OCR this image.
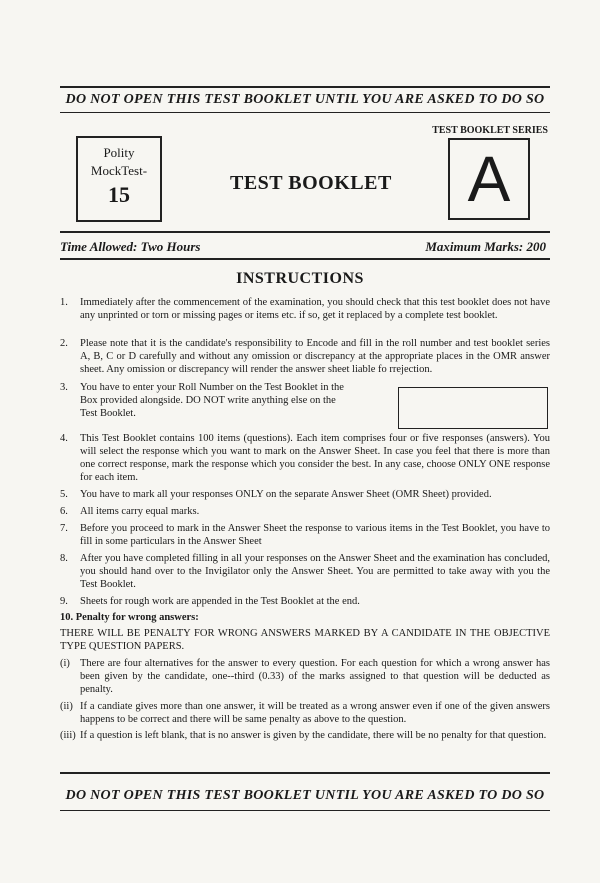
DO NOT OPEN THIS TEST BOOKLET UNTIL YOU ARE ASKED TO DO SO
TEST BOOKLET SERIES
Polity
MockTest-
15	TEST BOOKLET	A
Time Allowed: Two Hours	Maximum Marks: 200
INSTRUCTIONS
1. Immediately after the commencement of the examination, you should check that this test booklet does not have any unprinted or torn or missing pages or items etc. if so, get it replaced by a complete test booklet.
2. Please note that it is the candidate's responsibility to Encode and fill in the roll number and test booklet series A, B, C or D carefully and without any omission or discrepancy at the appropriate places in the OMR answer sheet. Any omission or discrepancy will render the answer sheet liable fo rrejection.
3. You have to enter your Roll Number on the Test Booklet in the Box provided alongside. DO NOT write anything else on the Test Booklet.
4. This Test Booklet contains 100 items (questions). Each item comprises four or five responses (answers). You will select the response which you want to mark on the Answer Sheet. In case you feel that there is more than one correct response, mark the response which you consider the best. In any case, choose ONLY ONE response for each item.
5. You have to mark all your responses ONLY on the separate Answer Sheet (OMR Sheet) provided.
6. All items carry equal marks.
7. Before you proceed to mark in the Answer Sheet the response to various items in the Test Booklet, you have to fill in some particulars in the Answer Sheet
8. After you have completed filling in all your responses on the Answer Sheet and the examination has concluded, you should hand over to the Invigilator only the Answer Sheet. You are permitted to take away with you the Test Booklet.
9. Sheets for rough work are appended in the Test Booklet at the end.
10. Penalty for wrong answers:
THERE WILL BE PENALTY FOR WRONG ANSWERS MARKED BY A CANDIDATE IN THE OBJECTIVE TYPE QUESTION PAPERS.
(i) There are four alternatives for the answer to every question. For each question for which a wrong answer has been given by the candidate, one--third (0.33) of the marks assigned to that question will be deducted as penalty.
(ii) If a candiate gives more than one answer, it will be treated as a wrong answer even if one of the given answers happens to be correct and there will be same penalty as above to the question.
(iii) If a question is left blank, that is no answer is given by the candidate, there will be no penalty for that question.
DO NOT OPEN THIS TEST BOOKLET UNTIL YOU ARE ASKED TO DO SO
